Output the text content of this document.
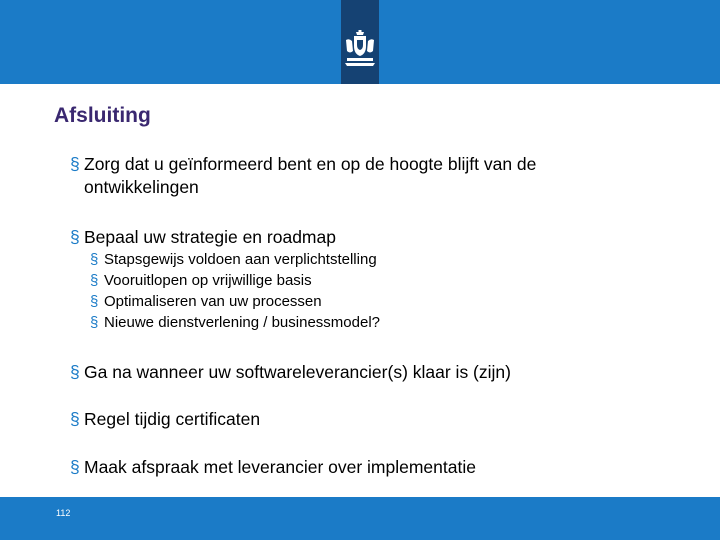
Afsluiting
§ Zorg dat u geïnformeerd bent en op de hoogte blijft van de ontwikkelingen
§ Bepaal uw strategie en roadmap
§ Stapsgewijs voldoen aan verplichtstelling
§ Vooruitlopen op vrijwillige basis
§ Optimaliseren van uw processen
§ Nieuwe dienstverlening / businessmodel?
§ Ga na wanneer uw softwareleverancier(s) klaar is (zijn)
§ Regel tijdig certificaten
§ Maak afspraak met leverancier over implementatie
112
